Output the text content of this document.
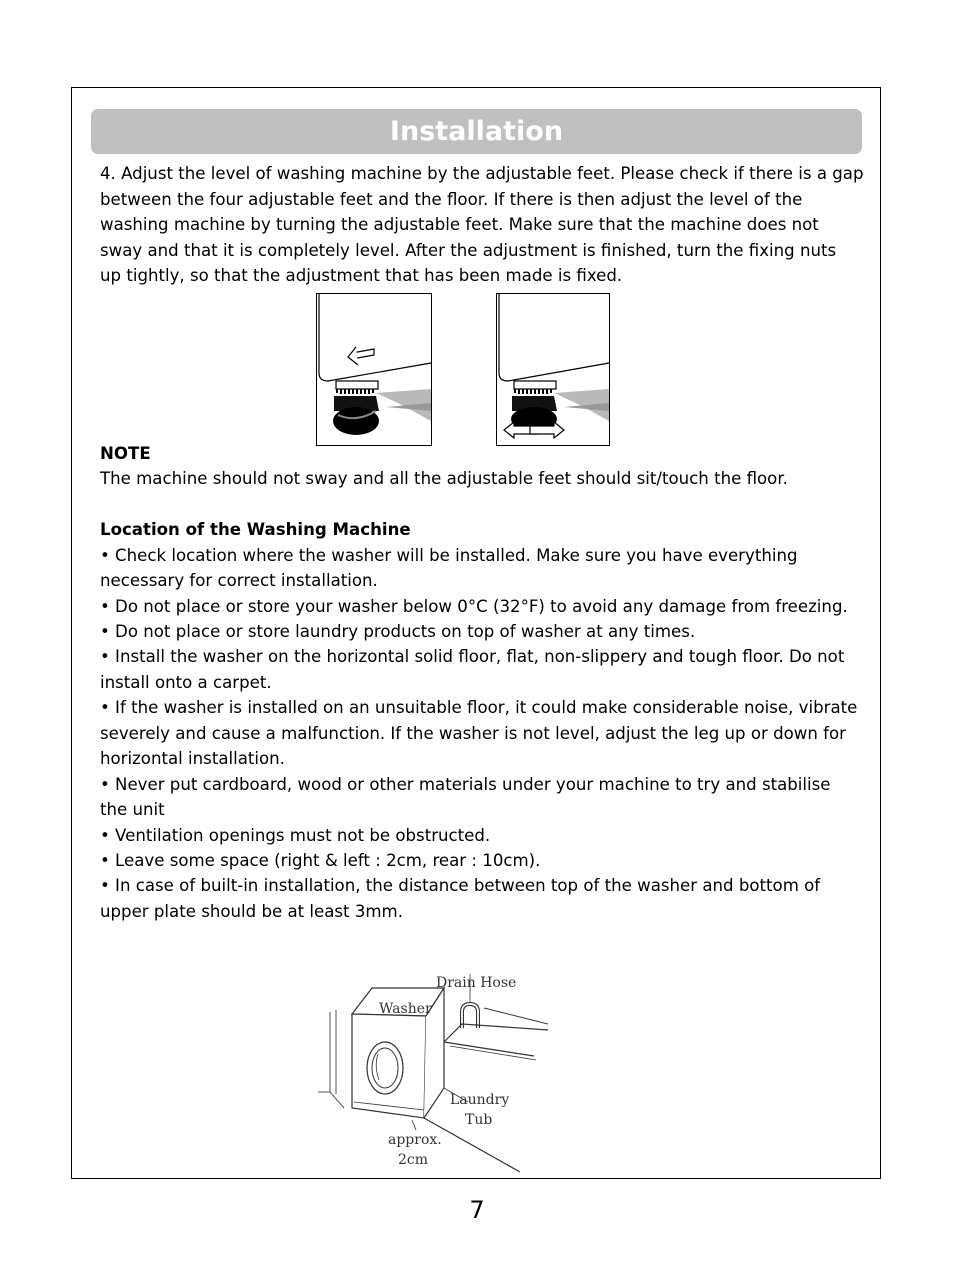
Installation
4. Adjust the level of washing machine by the adjustable feet. Please check if there is a gap
between the four adjustable feet and the floor. If there is then adjust the level of the
washing machine by turning the adjustable feet. Make sure that the machine does not
sway and that it is completely level. After the adjustment is finished, turn the fixing nuts
up tightly, so that the adjustment that has been made is fixed.
NOTE
The machine should not sway and all the adjustable feet should sit/touch the floor.
Location of the Washing Machine
• Check location where the washer will be installed. Make sure you have everything
necessary for correct installation.
• Do not place or store your washer below 0°C (32°F) to avoid any damage from freezing.
• Do not place or store laundry products on top of washer at any times.
• Install the washer on the horizontal solid floor, flat, non-slippery and tough floor. Do not
install onto a carpet.
• If the washer is installed on an unsuitable floor, it could make considerable noise, vibrate
severely and cause a malfunction. If the washer is not level, adjust the leg up or down for
horizontal installation.
• Never put cardboard, wood or other materials under your machine to try and stabilise
the unit
• Ventilation openings must not be obstructed.
• Leave some space (right & left : 2cm, rear : 10cm).
• In case of built-in installation, the distance between top of the washer and bottom of
upper plate should be at least 3mm.
Drain Hose
Washer
Laundry
Tub
approx.
2cm
7
